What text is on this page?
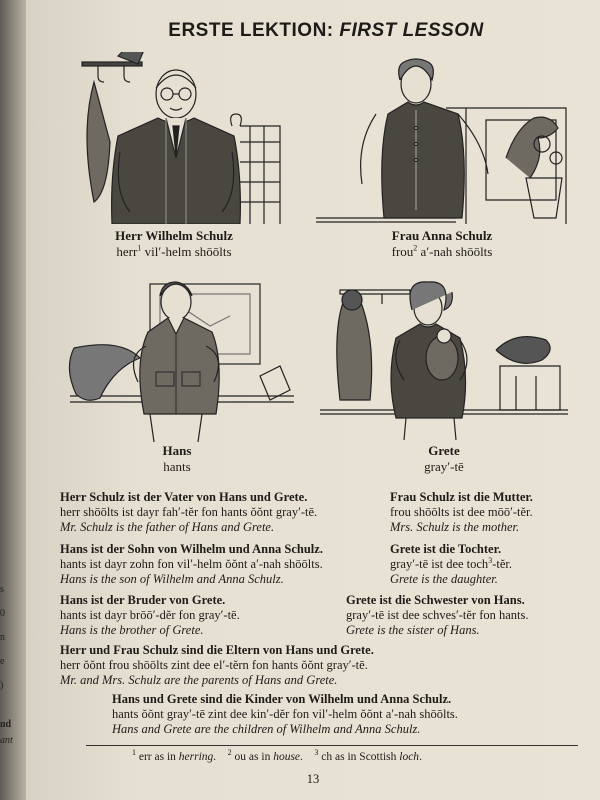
s
0
n
e
)
nd
ant
ERSTE LEKTION: FIRST LESSON
Herr Wilhelm Schulz
herr$^1$ vil′-helm shōōlts
Frau Anna Schulz
frou$^2$ a′-nah shōōlts
Hans
hants
Grete
gray′-tē
Herr Schulz ist der Vater von Hans und Grete.
herr shōōlts ist dayr fah′-tĕr fon hants ŏŏnt gray′-tē.
Mr. Schulz is the father of Hans and Grete.
Frau Schulz ist die Mutter.
frou shōōlts ist dee mōō′-tĕr.
Mrs. Schulz is the mother.
Hans ist der Sohn von Wilhelm und Anna Schulz.
hants ist dayr zohn fon vil′-helm ŏŏnt a′-nah shōōlts.
Hans is the son of Wilhelm and Anna Schulz.
Grete ist die Tochter.
gray′-tē ist dee toch$^3$-tĕr.
Grete is the daughter.
Hans ist der Bruder von Grete.
hants ist dayr brōō′-dĕr fon gray′-tē.
Hans is the brother of Grete.
Grete ist die Schwester von Hans.
gray′-tē ist dee schves′-tĕr fon hants.
Grete is the sister of Hans.
Herr und Frau Schulz sind die Eltern von Hans und Grete.
herr ŏŏnt frou shōōlts zint dee el′-tĕrn fon hants ŏŏnt gray′-tē.
Mr. and Mrs. Schulz are the parents of Hans and Grete.
Hans und Grete sind die Kinder von Wilhelm und Anna Schulz.
hants ŏŏnt gray′-tē zint dee kin′-dĕr fon vil′-helm ŏŏnt a′-nah shōōlts.
Hans and Grete are the children of Wilhelm and Anna Schulz.
$^1$ err as in herring. $^2$ ou as in house. $^3$ ch as in Scottish loch.
13
